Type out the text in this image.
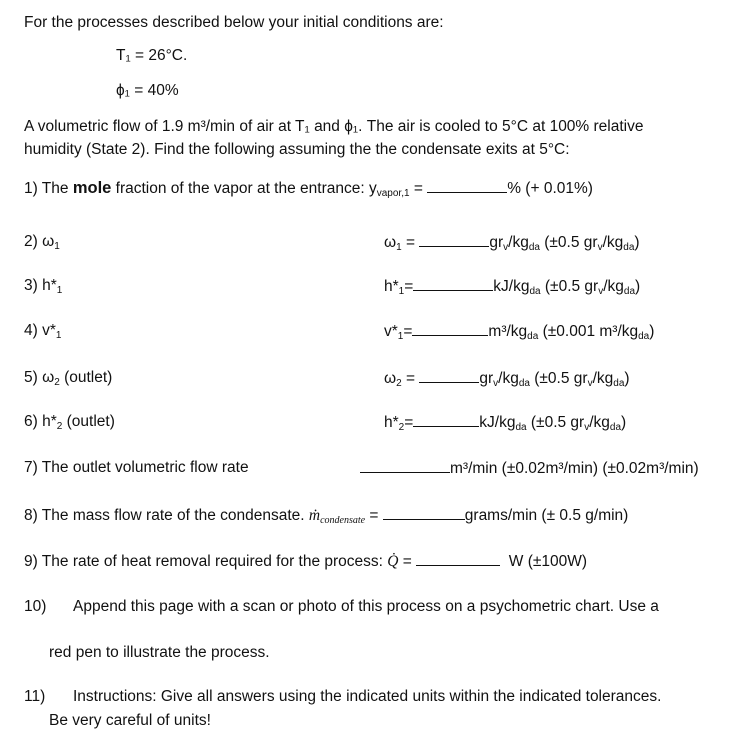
For the processes described below your initial conditions are:
T₁ = 26°C.
ϕ₁ = 40%
A volumetric flow of 1.9 m³/min of air at T₁ and ϕ₁. The air is cooled to 5°C at 100% relative
humidity (State 2). Find the following assuming the the condensate exits at 5°C:
1) The mole fraction of the vapor at the entrance: $y_{vapor,1}$ =	% (+ 0.01%)
2) $\omega_1$	$\omega_1$ =	$gr_v/kg_{da}$ (±0.5 $gr_v/kg_{da}$)
3) $h*_1$	$h*_1=$	$kJ/kg_{da}$ (±0.5 $gr_v/kg_{da}$)
4) $v*_1$	$v*_1=$	$m^3/kg_{da}$ (±0.001 $m^3/kg_{da}$)
5) $\omega_2$ (outlet)	$\omega_2$ =	$gr_v/kg_{da}$ (±0.5 $gr_v/kg_{da}$)
6) $h*_2$ (outlet)	$h*_2=$	$kJ/kg_{da}$ (±0.5 $gr_v/kg_{da}$)
7) The outlet volumetric flow rate	m³/min (±0.02m³/min) (±0.02m³/min)
8) The mass flow rate of the condensate. ṁ$_{condensate}$ =	grams/min (± 0.5 g/min)
9) The rate of heat removal required for the process: Q̇ =	W (±100W)
10) Append this page with a scan or photo of this process on a psychometric chart. Use a
red pen to illustrate the process.
11) Instructions: Give all answers using the indicated units within the indicated tolerances.
Be very careful of units!
